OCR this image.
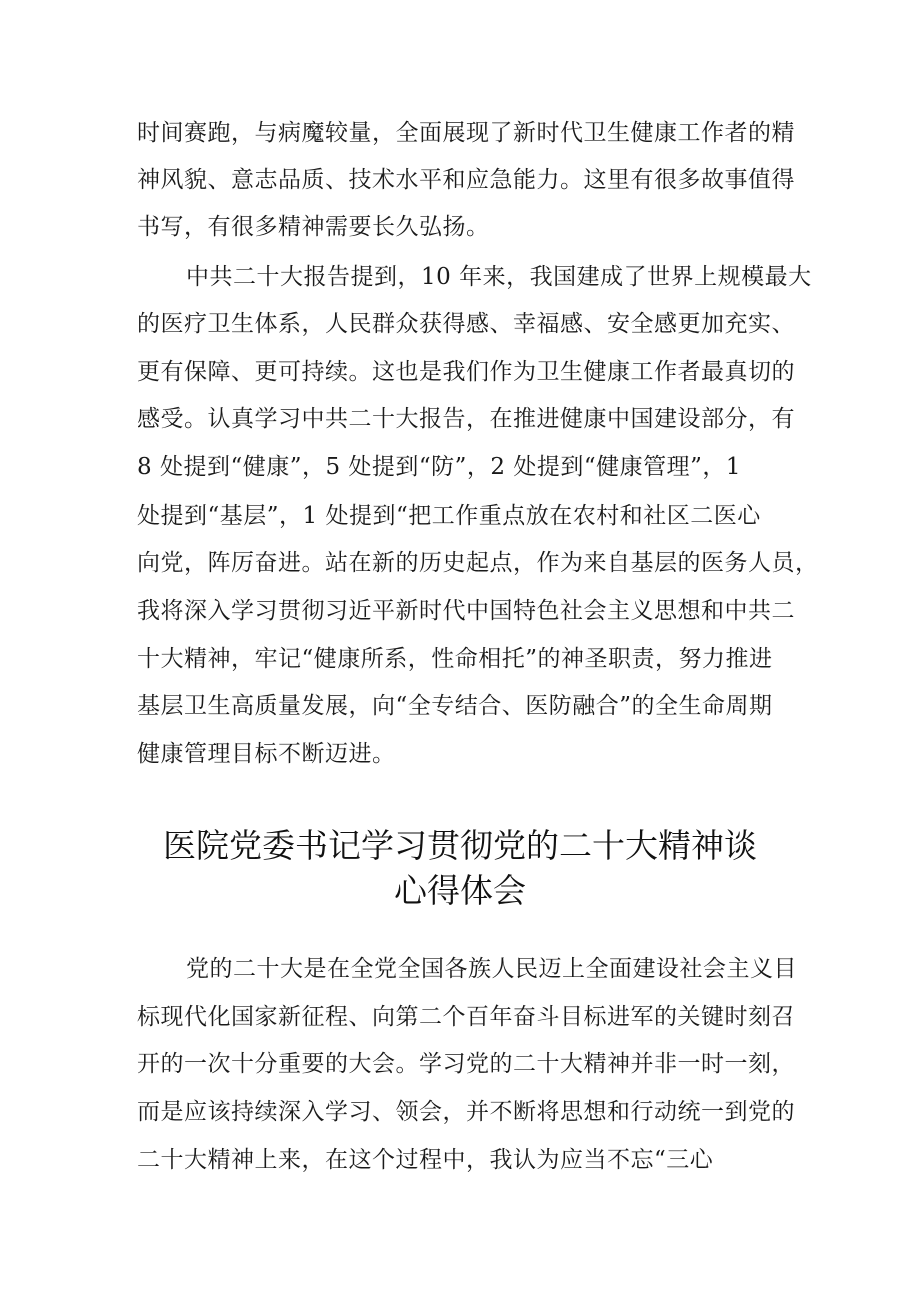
时间赛跑，与病魔较量，全面展现了新时代卫生健康工作者的精
神风貌、意志品质、技术水平和应急能力。这里有很多故事值得
书写，有很多精神需要长久弘扬。
中共二十大报告提到，10 年来，我国建成了世界上规模最大
的医疗卫生体系，人民群众获得感、幸福感、安全感更加充实、
更有保障、更可持续。这也是我们作为卫生健康工作者最真切的
感受。认真学习中共二十大报告，在推进健康中国建设部分，有
8 处提到“健康”，5 处提到“防”，2 处提到“健康管理”，1
处提到“基层”，1 处提到“把工作重点放在农村和社区二医心
向党，阵厉奋进。站在新的历史起点，作为来自基层的医务人员，
我将深入学习贯彻习近平新时代中国特色社会主义思想和中共二
十大精神，牢记“健康所系，性命相托”的神圣职责，努力推进
基层卫生高质量发展，向“全专结合、医防融合”的全生命周期
健康管理目标不断迈进。
医院党委书记学习贯彻党的二十大精神谈
心得体会
党的二十大是在全党全国各族人民迈上全面建设社会主义目
标现代化国家新征程、向第二个百年奋斗目标进军的关键时刻召
开的一次十分重要的大会。学习党的二十大精神并非一时一刻，
而是应该持续深入学习、领会，并不断将思想和行动统一到党的
二十大精神上来，在这个过程中，我认为应当不忘“三心
